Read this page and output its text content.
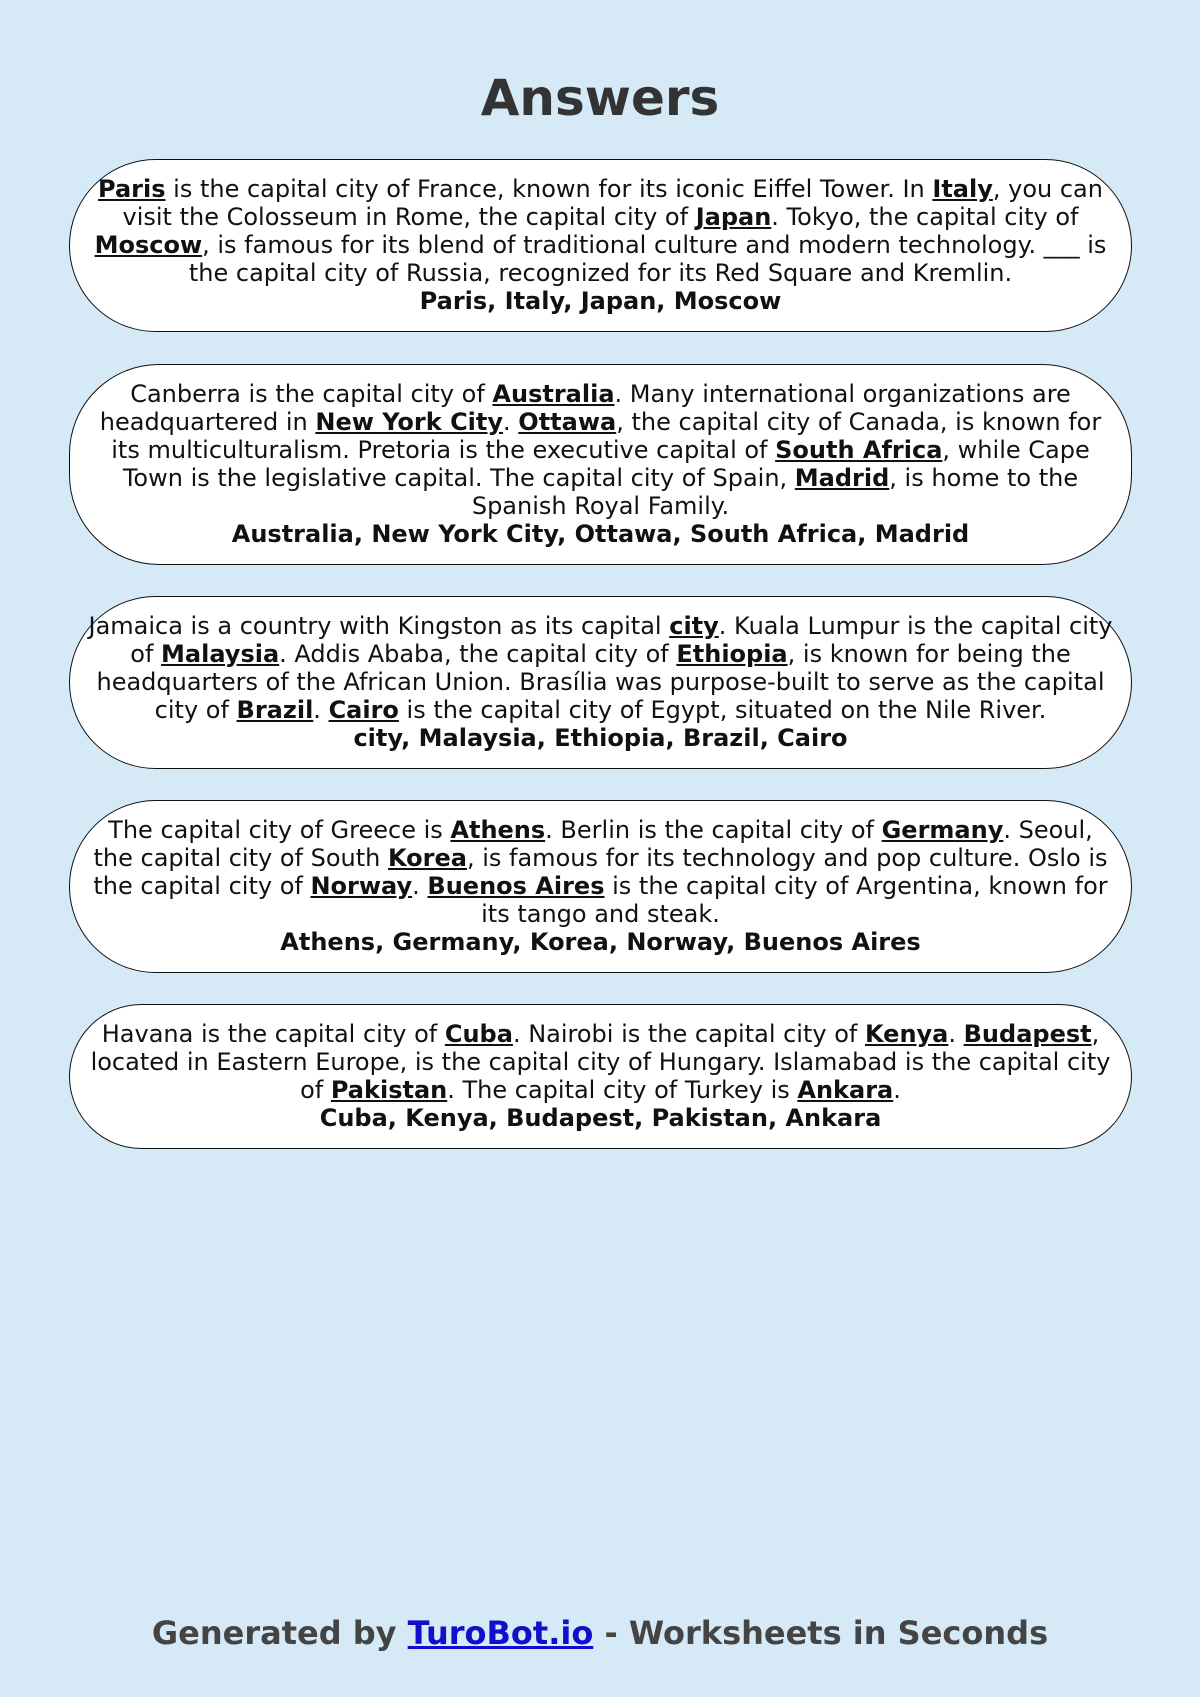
Answers
Paris is the capital city of France, known for its iconic Eiffel Tower. In Italy, you can visit the Colosseum in Rome, the capital city of Japan. Tokyo, the capital city of Moscow, is famous for its blend of traditional culture and modern technology. ___ is the capital city of Russia, recognized for its Red Square and Kremlin.
Paris, Italy, Japan, Moscow
Canberra is the capital city of Australia. Many international organizations are headquartered in New York City. Ottawa, the capital city of Canada, is known for its multiculturalism. Pretoria is the executive capital of South Africa, while Cape Town is the legislative capital. The capital city of Spain, Madrid, is home to the Spanish Royal Family.
Australia, New York City, Ottawa, South Africa, Madrid
Jamaica is a country with Kingston as its capital city. Kuala Lumpur is the capital city of Malaysia. Addis Ababa, the capital city of Ethiopia, is known for being the headquarters of the African Union. Brasília was purpose-built to serve as the capital city of Brazil. Cairo is the capital city of Egypt, situated on the Nile River.
city, Malaysia, Ethiopia, Brazil, Cairo
The capital city of Greece is Athens. Berlin is the capital city of Germany. Seoul, the capital city of South Korea, is famous for its technology and pop culture. Oslo is the capital city of Norway. Buenos Aires is the capital city of Argentina, known for its tango and steak.
Athens, Germany, Korea, Norway, Buenos Aires
Havana is the capital city of Cuba. Nairobi is the capital city of Kenya. Budapest, located in Eastern Europe, is the capital city of Hungary. Islamabad is the capital city of Pakistan. The capital city of Turkey is Ankara.
Cuba, Kenya, Budapest, Pakistan, Ankara
Generated by TuroBot.io - Worksheets in Seconds
